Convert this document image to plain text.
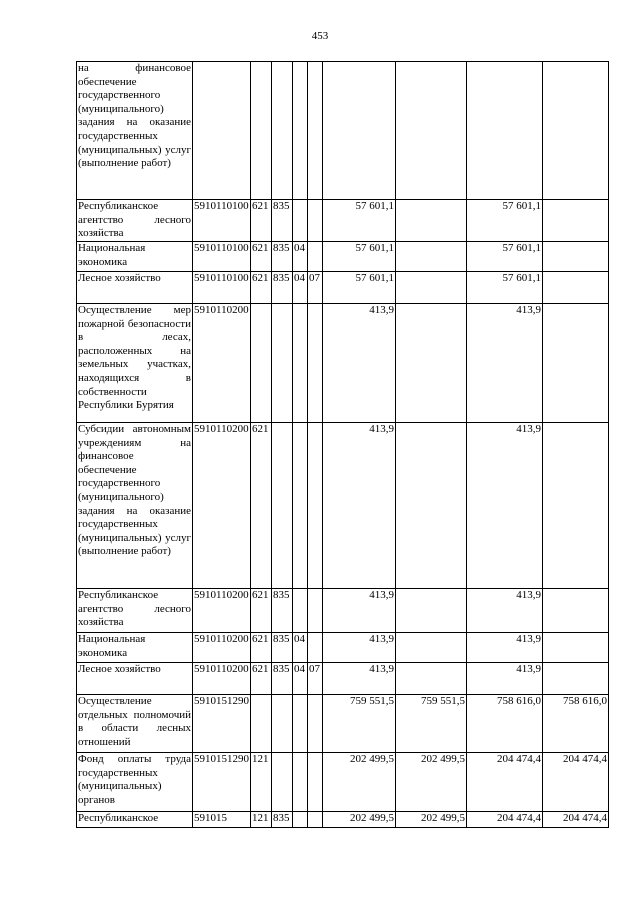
453
на финансовое обеспечение государственного (муниципального) задания на оказание государственных (муниципальных) услуг (выполнение работ)									
Республиканское агентство лесного хозяйства	5910110100	621	835			57 601,1		57 601,1	
Национальная экономика	5910110100	621	835	04		57 601,1		57 601,1	
Лесное хозяйство	5910110100	621	835	04	07	57 601,1		57 601,1	
Осуществление мер пожарной безопасности в лесах, расположенных на земельных участках, находящихся в собственности Республики Бурятия	5910110200					413,9		413,9	
Субсидии автономным учреждениям на финансовое обеспечение государственного (муниципального) задания на оказание государственных (муниципальных) услуг (выполнение работ)	5910110200	621				413,9		413,9	
Республиканское агентство лесного хозяйства	5910110200	621	835			413,9		413,9	
Национальная экономика	5910110200	621	835	04		413,9		413,9	
Лесное хозяйство	5910110200	621	835	04	07	413,9		413,9	
Осуществление отдельных полномочий в области лесных отношений	5910151290					759 551,5	759 551,5	758 616,0	758 616,0
Фонд оплаты труда государственных (муниципальных) органов	5910151290	121				202 499,5	202 499,5	204 474,4	204 474,4
Республиканское	591015	121	835			202 499,5	202 499,5	204 474,4	204 474,4
